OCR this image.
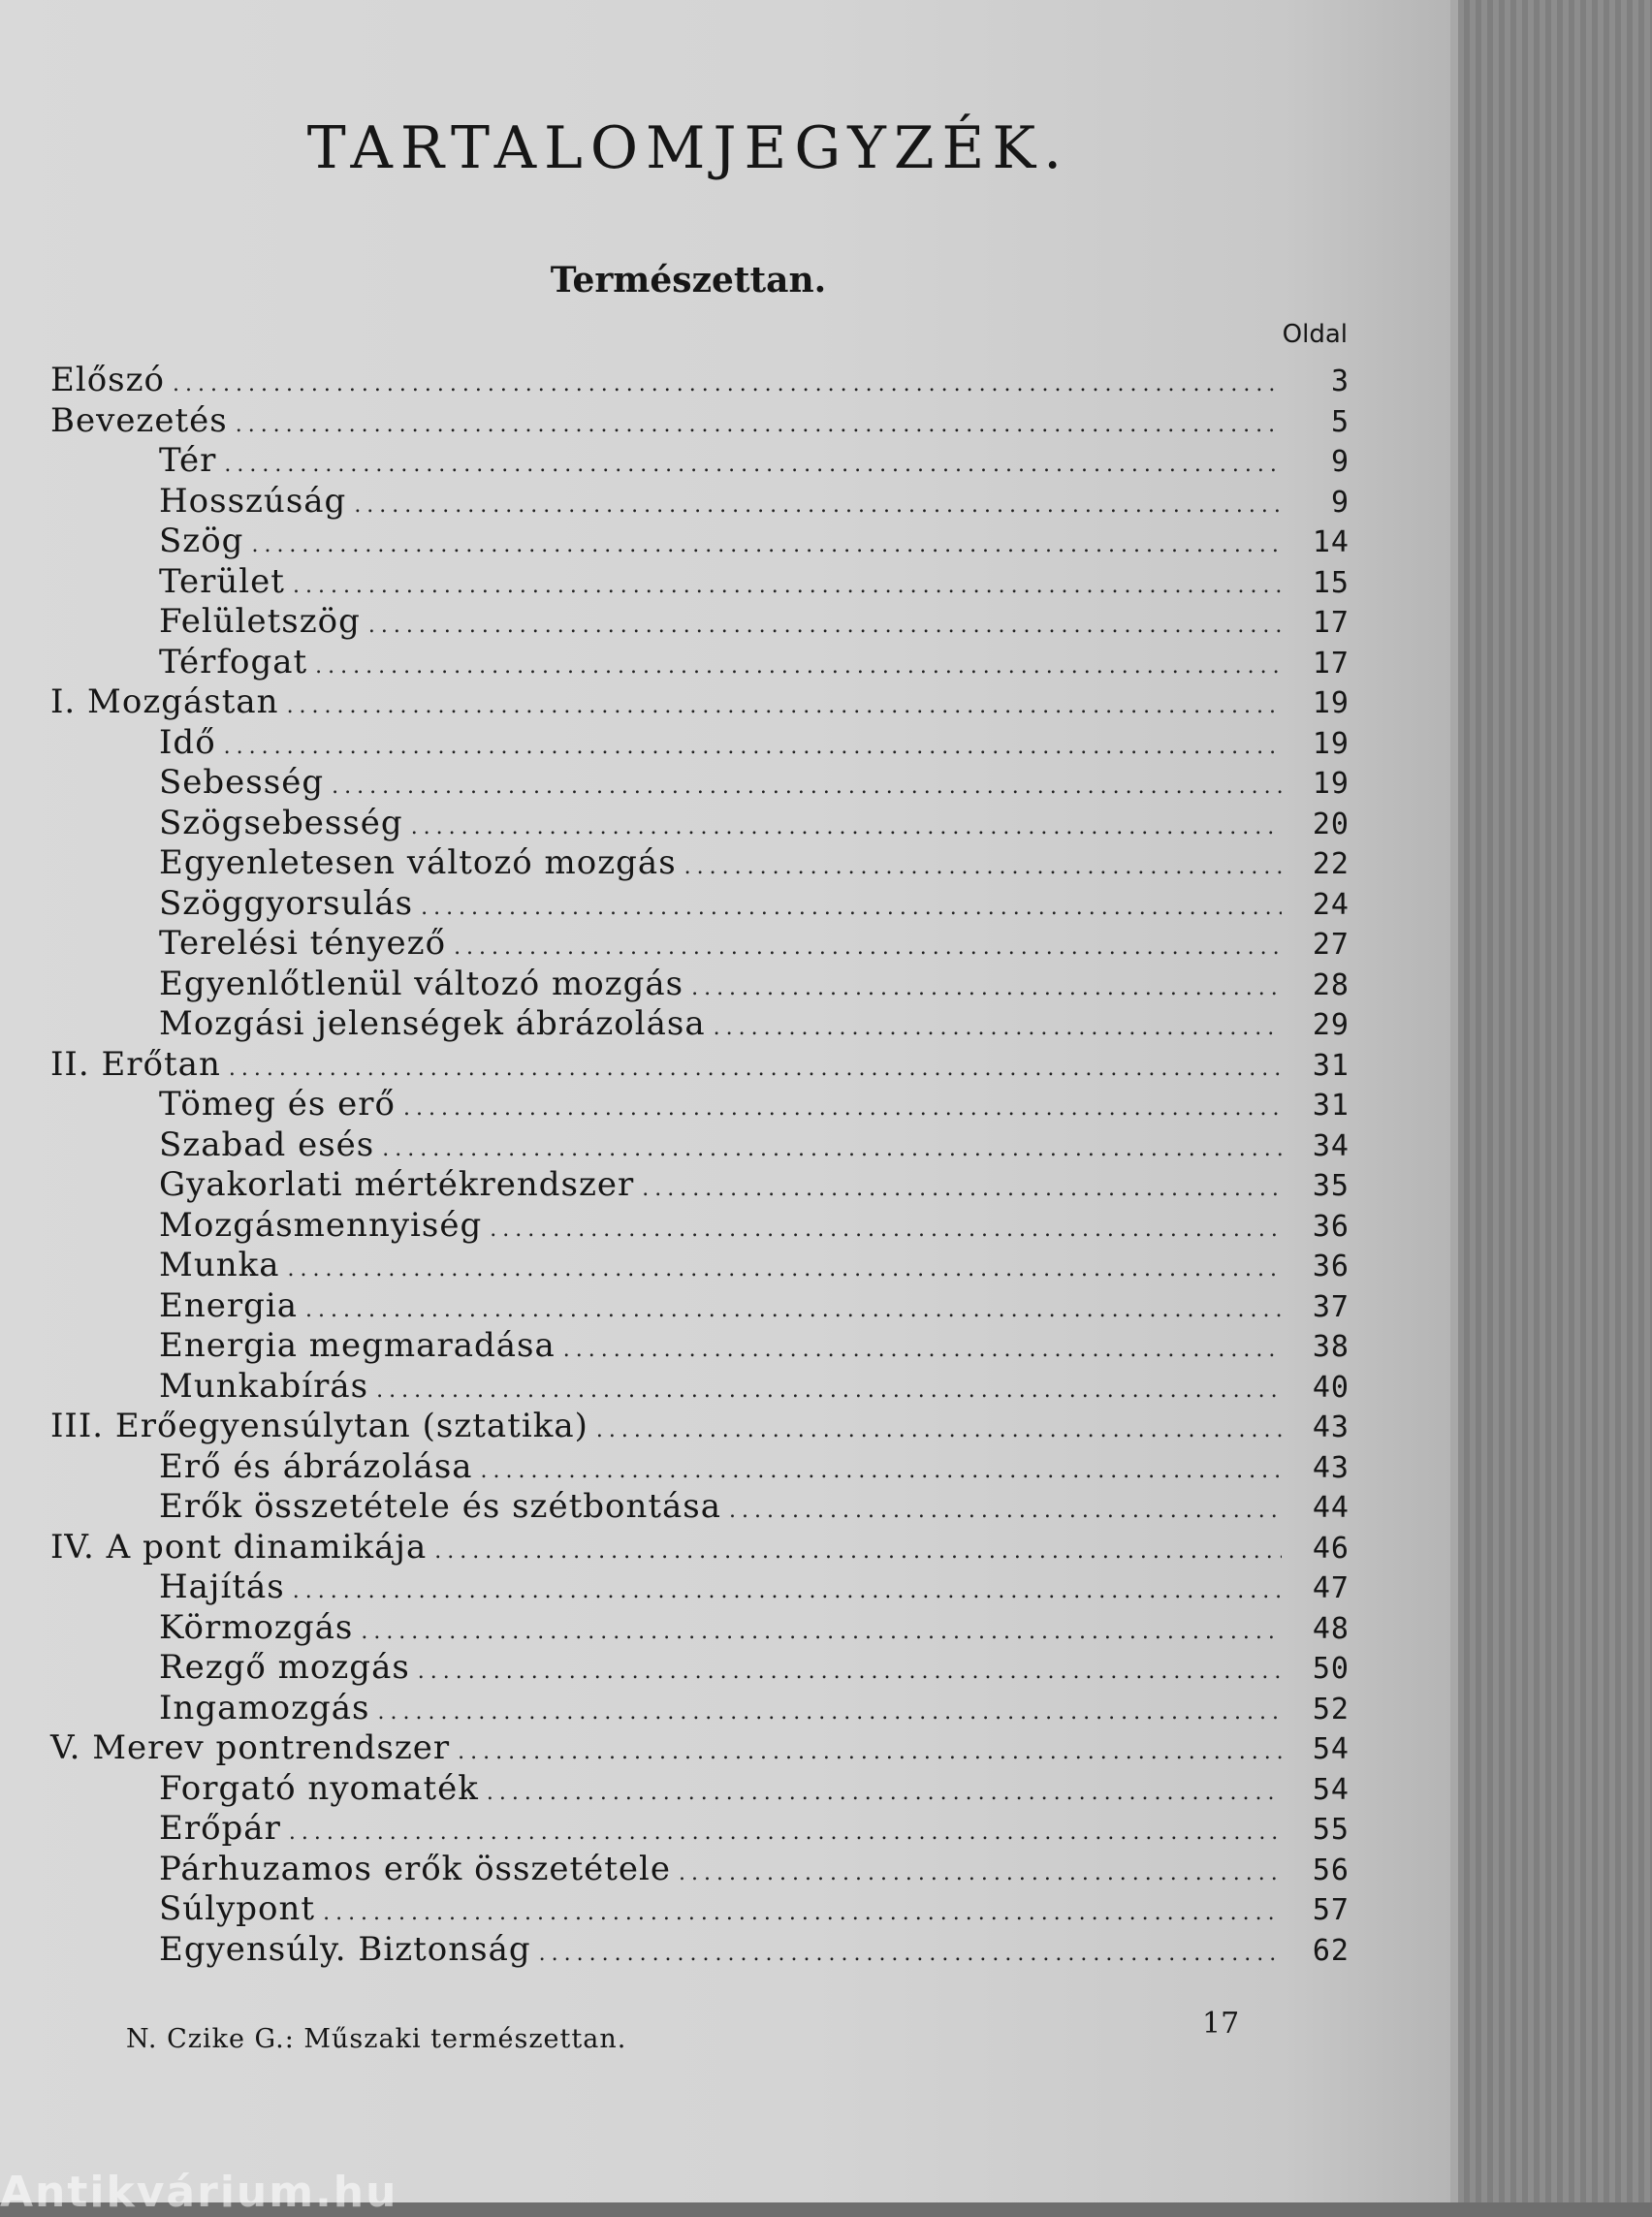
TARTALOMJEGYZÉK.
Természettan.
Oldal
Előszó .....	3
Bevezetés .....	5
Tér .....	9
Hosszúság .....	9
Szög .....	14
Terület .....	15
Felületszög .....	17
Térfogat .....	17
I. Mozgástan .....	19
Idő .....	19
Sebesség .....	19
Szögsebesség .....	20
Egyenletesen változó mozgás .....	22
Szöggyorsulás .....	24
Terelési tényező .....	27
Egyenlőtlenül változó mozgás .....	28
Mozgási jelenségek ábrázolása .....	29
II. Erőtan .....	31
Tömeg és erő .....	31
Szabad esés .....	34
Gyakorlati mértékrendszer .....	35
Mozgásmennyiség .....	36
Munka .....	36
Energia .....	37
Energia megmaradása .....	38
Munkabírás .....	40
III. Erőegyensúlytan (sztatika) .....	43
Erő és ábrázolása .....	43
Erők összetétele és szétbontása .....	44
IV. A pont dinamikája .....	46
Hajítás .....	47
Körmozgás .....	48
Rezgő mozgás .....	50
Ingamozgás .....	52
V. Merev pontrendszer .....	54
Forgató nyomaték .....	54
Erőpár .....	55
Párhuzamos erők összetétele .....	56
Súlypont .....	57
Egyensúly. Biztonság .....	62
N. Czike G.: Műszaki természettan.	17
Antikvárium.hu
